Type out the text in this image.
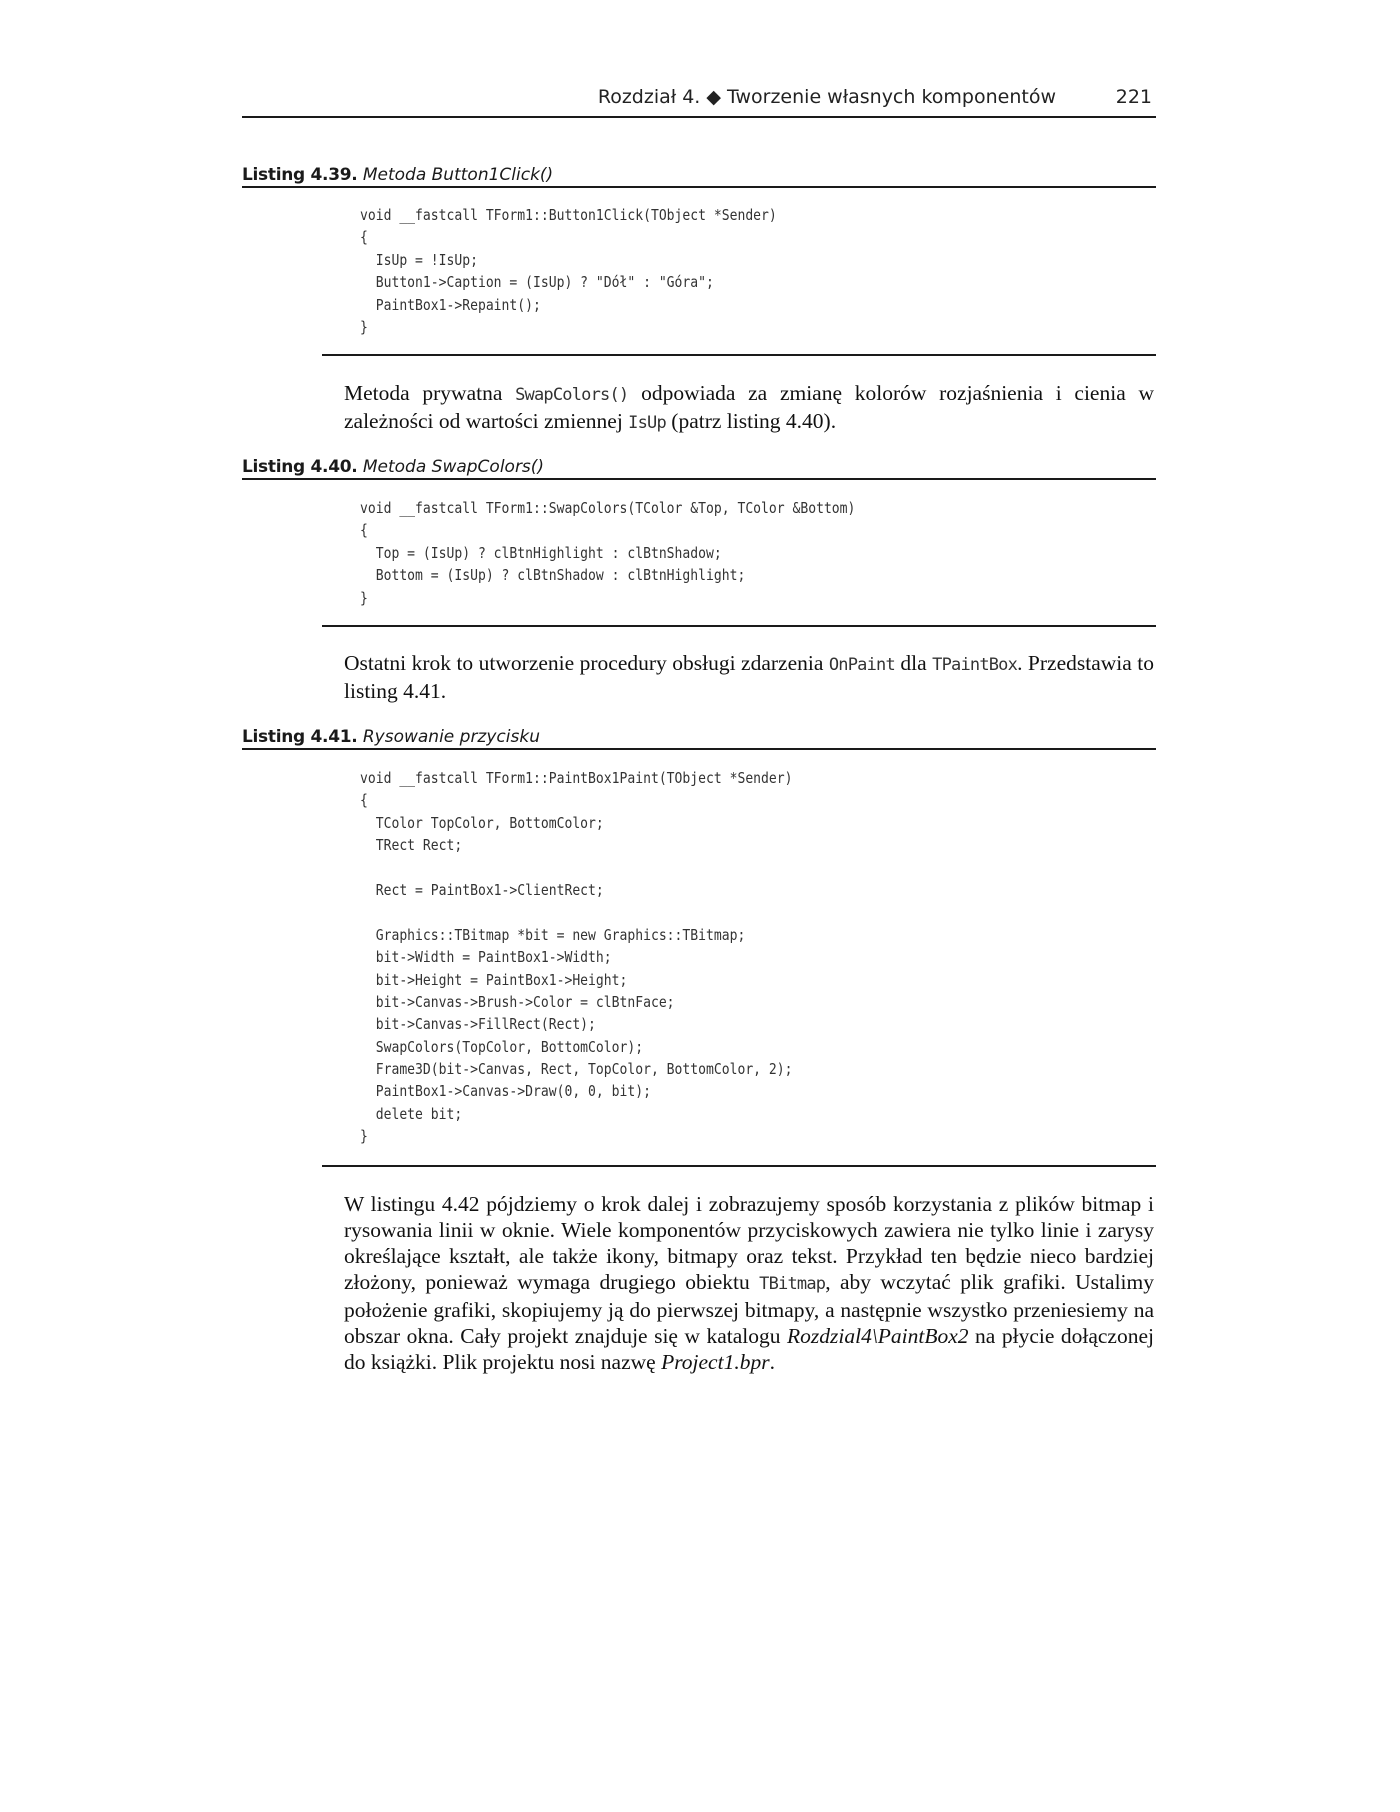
Rozdział 4. ◆ Tworzenie własnych komponentów	221
Listing 4.39. Metoda Button1Click()
void __fastcall TForm1::Button1Click(TObject *Sender)
{
IsUp = !IsUp;
Button1->Caption = (IsUp) ? "Dół" : "Góra";
PaintBox1->Repaint();
}

Metoda prywatna SwapColors() odpowiada za zmianę kolorów rozjaśnienia i cienia w zależności od wartości zmiennej IsUp (patrz listing 4.40).

Listing 4.40. Metoda SwapColors()
void __fastcall TForm1::SwapColors(TColor &Top, TColor &Bottom)
{
Top = (IsUp) ? clBtnHighlight : clBtnShadow;
Bottom = (IsUp) ? clBtnShadow : clBtnHighlight;
}

Ostatni krok to utworzenie procedury obsługi zdarzenia OnPaint dla TPaintBox. Przedstawia to listing 4.41.

Listing 4.41. Rysowanie przycisku
void __fastcall TForm1::PaintBox1Paint(TObject *Sender)
{
TColor TopColor, BottomColor;
TRect Rect;
Rect = PaintBox1->ClientRect;
Graphics::TBitmap *bit = new Graphics::TBitmap;
bit->Width = PaintBox1->Width;
bit->Height = PaintBox1->Height;
bit->Canvas->Brush->Color = clBtnFace;
bit->Canvas->FillRect(Rect);
SwapColors(TopColor, BottomColor);
Frame3D(bit->Canvas, Rect, TopColor, BottomColor, 2);
PaintBox1->Canvas->Draw(0, 0, bit);
delete bit;
}

W listingu 4.42 pójdziemy o krok dalej i zobrazujemy sposób korzystania z plików bitmap i rysowania linii w oknie. Wiele komponentów przyciskowych zawiera nie tylko linie i zarysy określające kształt, ale także ikony, bitmapy oraz tekst. Przykład ten będzie nieco bardziej złożony, ponieważ wymaga drugiego obiektu TBitmap, aby wczytać plik grafiki. Ustalimy położenie grafiki, skopiujemy ją do pierwszej bitmapy, a następnie wszystko przeniesiemy na obszar okna. Cały projekt znajduje się w katalogu Rozdzial4\PaintBox2 na płycie dołączonej do książki. Plik projektu nosi nazwę Project1.bpr.
